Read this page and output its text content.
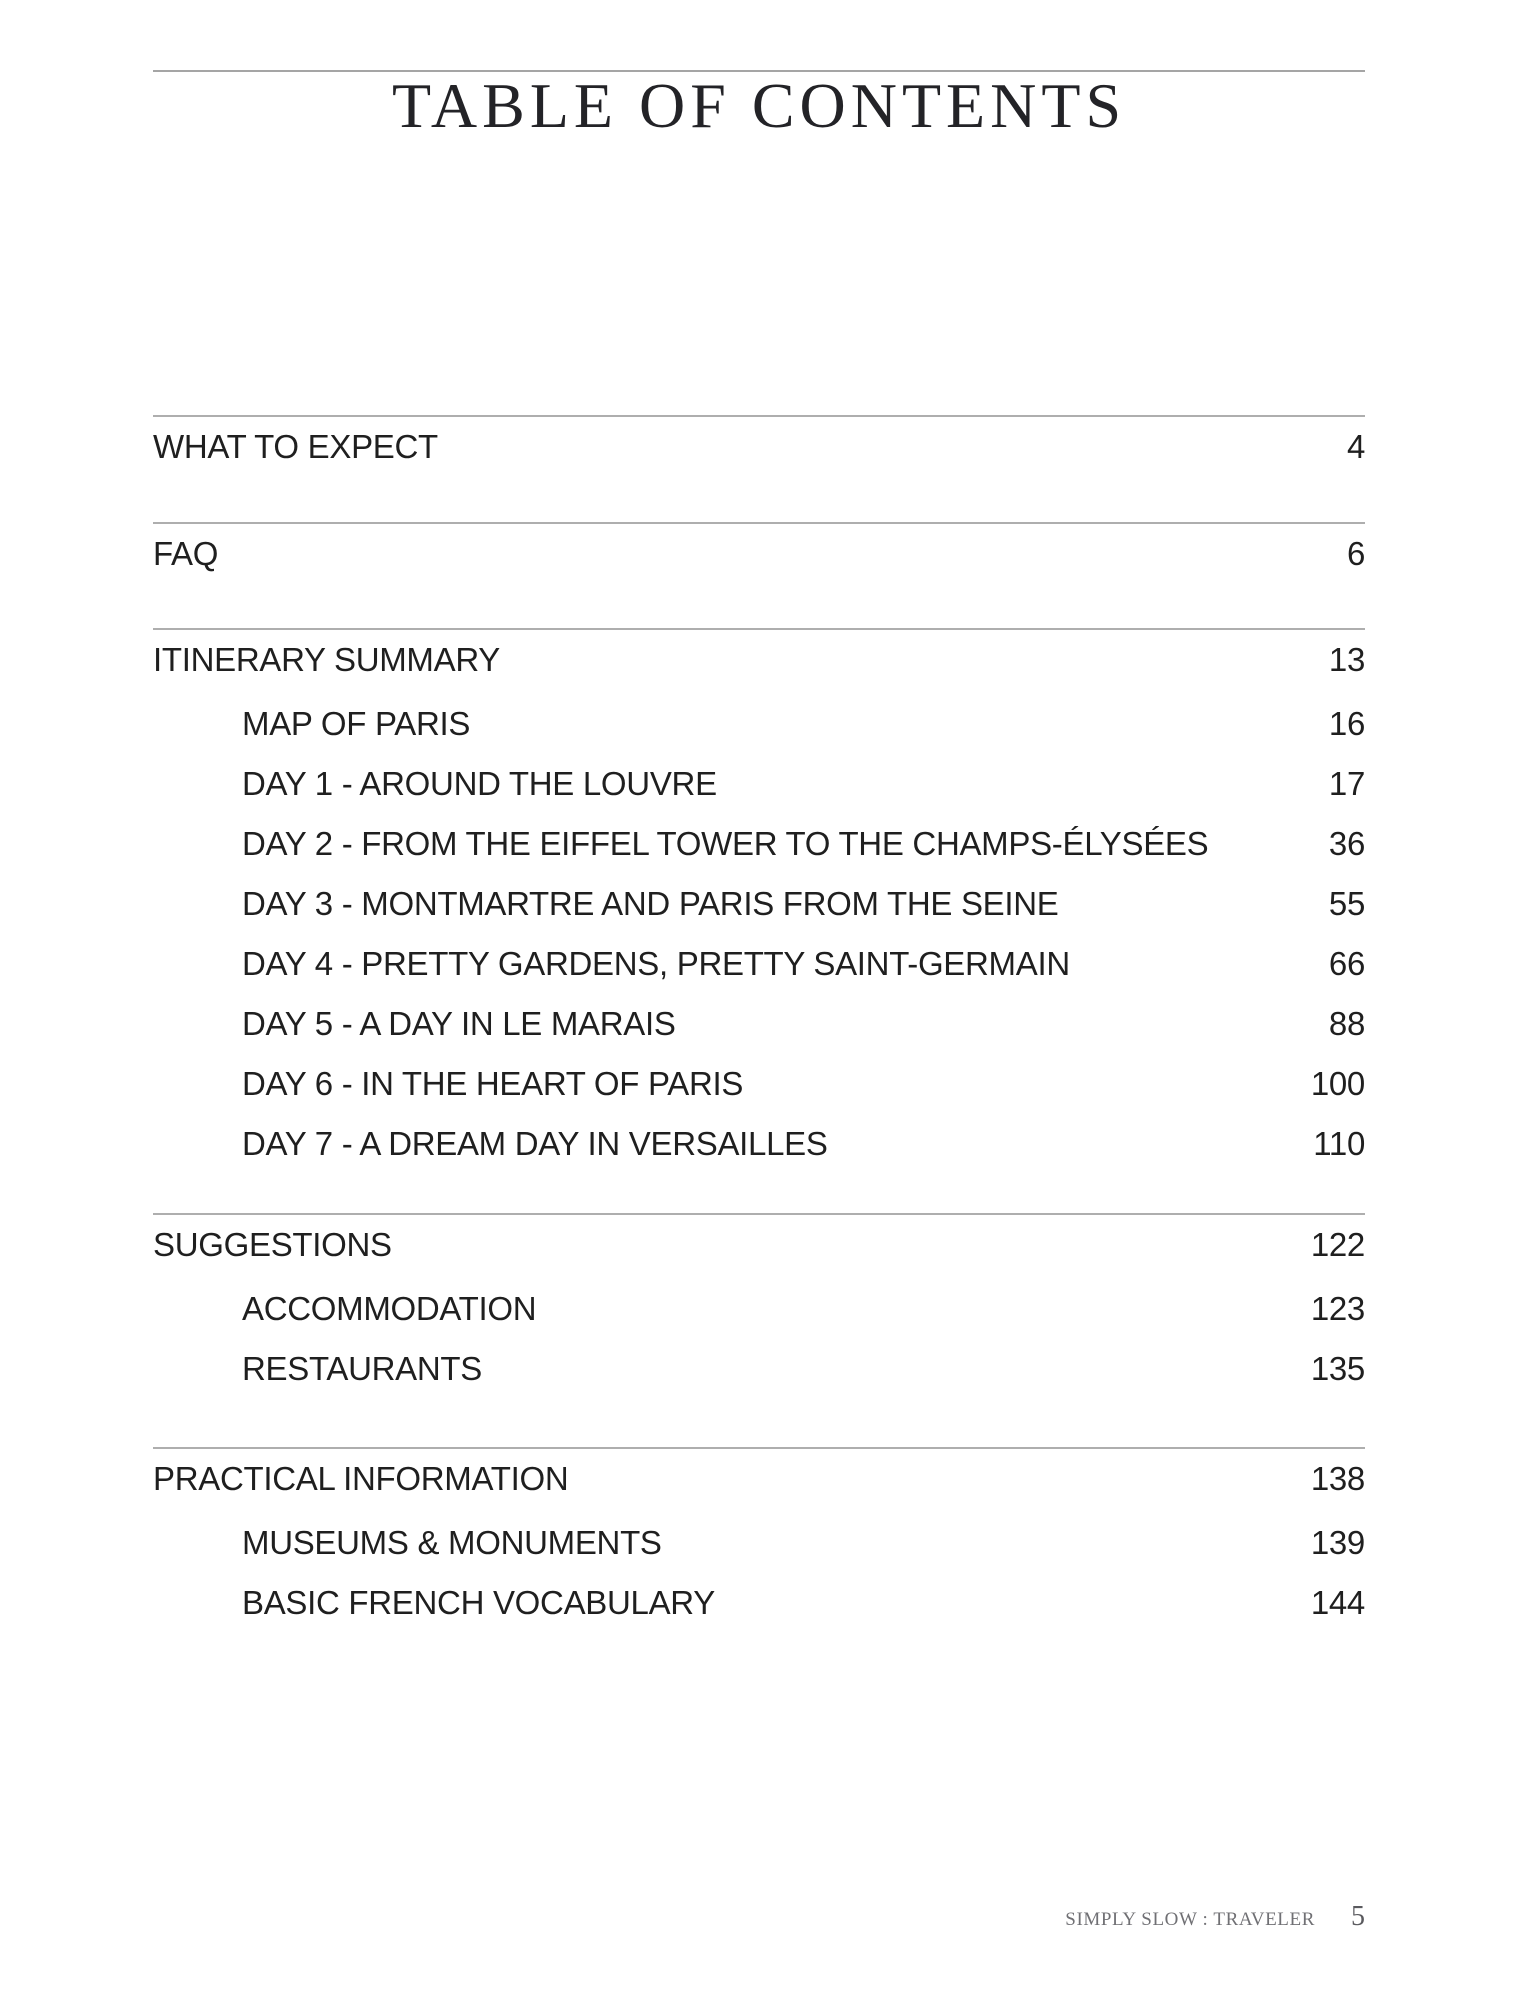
TABLE OF CONTENTS
WHAT TO EXPECT	4
FAQ	6
ITINERARY SUMMARY	13
MAP OF PARIS	16
DAY 1 - AROUND THE LOUVRE	17
DAY 2 - FROM THE EIFFEL TOWER TO THE CHAMPS-ÉLYSÉES	36
DAY 3 - MONTMARTRE AND PARIS FROM THE SEINE	55
DAY 4 - PRETTY GARDENS, PRETTY SAINT-GERMAIN	66
DAY 5 - A DAY IN LE MARAIS	88
DAY 6 - IN THE HEART OF PARIS	100
DAY 7 - A DREAM DAY IN VERSAILLES	110
SUGGESTIONS	122
ACCOMMODATION	123
RESTAURANTS	135
PRACTICAL INFORMATION	138
MUSEUMS & MONUMENTS	139
BASIC FRENCH VOCABULARY	144
SIMPLY SLOW : TRAVELER 5
